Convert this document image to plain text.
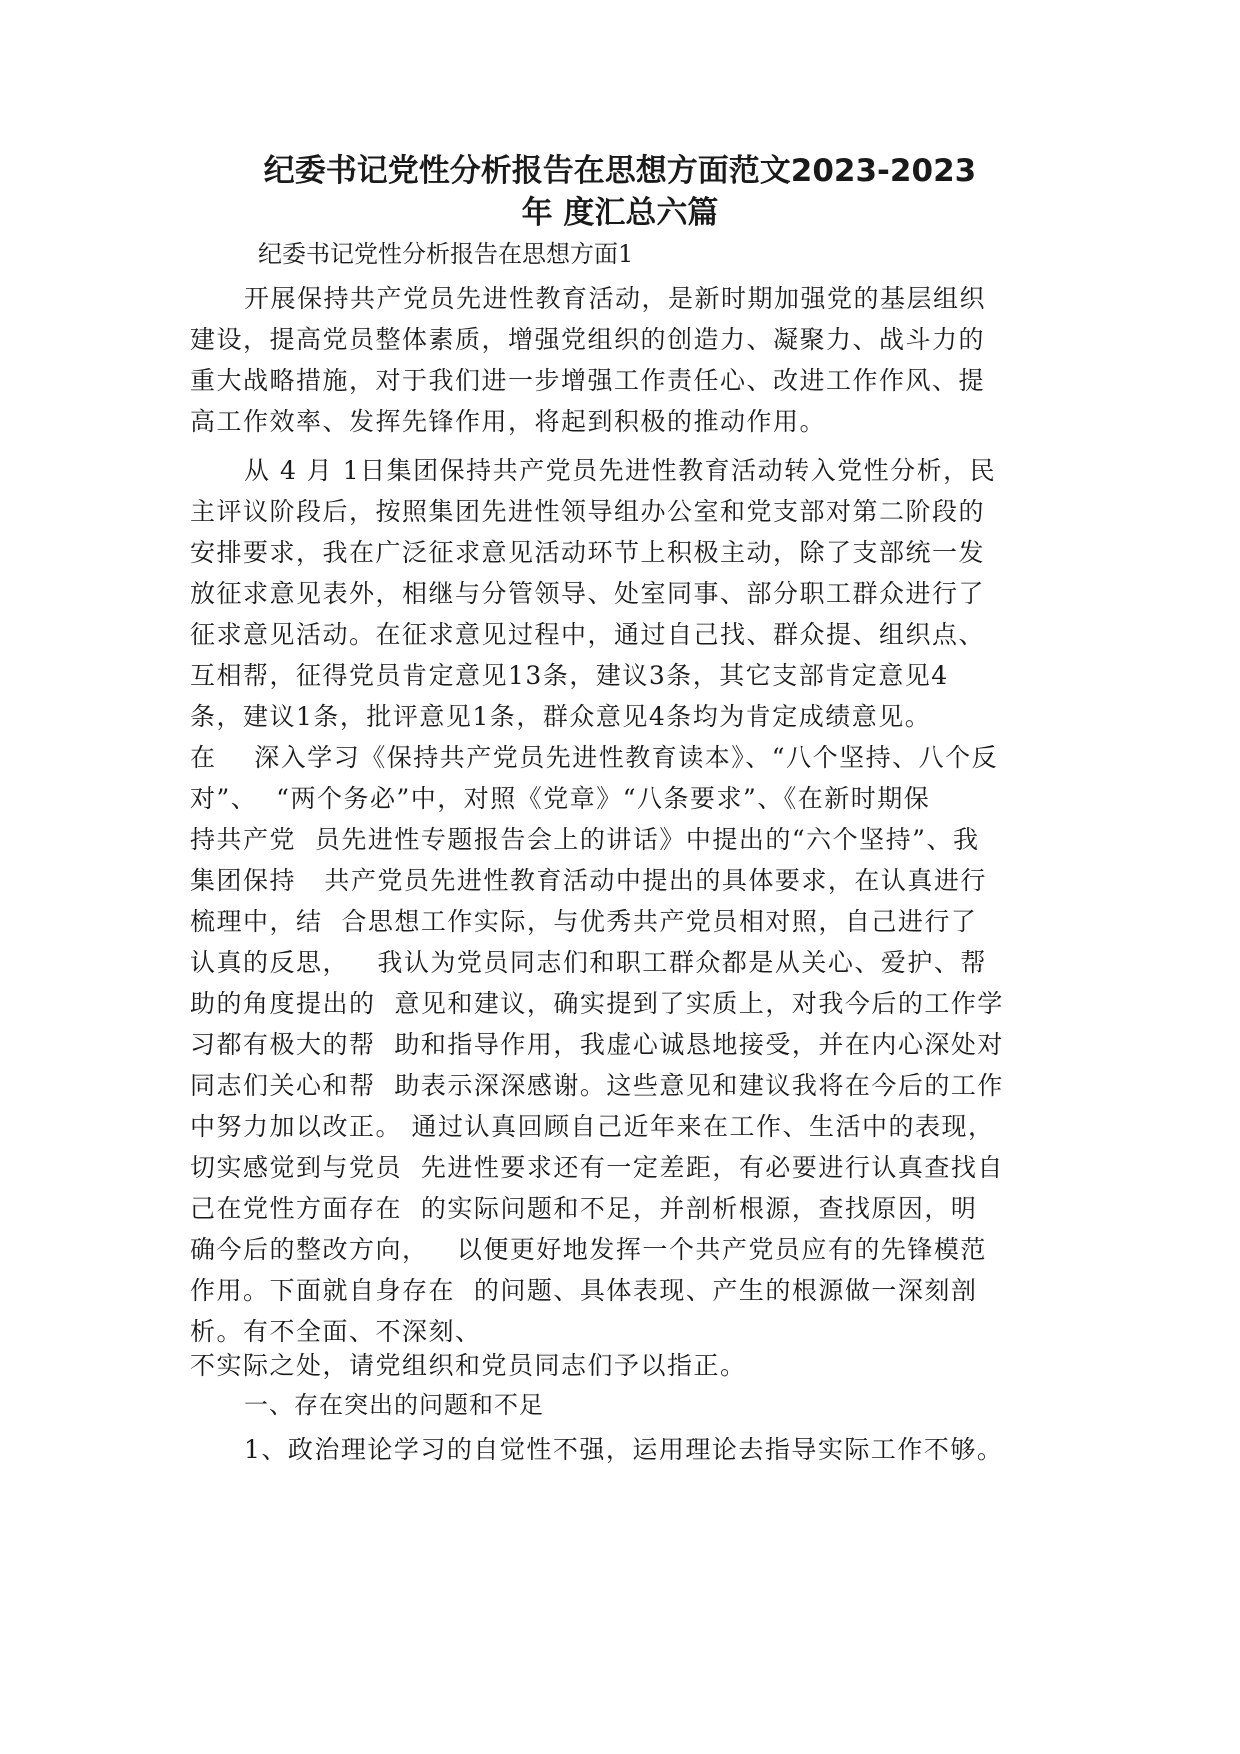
纪委书记党性分析报告在思想方面范文2023-2023
年 度汇总六篇

纪委书记党性分析报告在思想方面1

开展保持共产党员先进性教育活动，是新时期加强党的基层组织
建设，提高党员整体素质，增强党组织的创造力、凝聚力、战斗力的
重大战略措施，对于我们进一步增强工作责任心、改进工作作风、提
高工作效率、发挥先锋作用，将起到积极的推动作用。
从 4 月 1日集团保持共产党员先进性教育活动转入党性分析，民
主评议阶段后，按照集团先进性领导组办公室和党支部对第二阶段的
安排要求，我在广泛征求意见活动环节上积极主动，除了支部统一发
放征求意见表外，相继与分管领导、处室同事、部分职工群众进行了
征求意见活动。在征求意见过程中，通过自己找、群众提、组织点、
互相帮，征得党员肯定意见13条，建议3条，其它支部肯定意见4
条，建议1条，批评意见1条，群众意见4条均为肯定成绩意见。
在    深入学习《保持共产党员先进性教育读本》、“八个坚持、八个反
对”、  “两个务必”中，对照《党章》“八条要求”、《在新时期保
持共产党  员先进性专题报告会上的讲话》中提出的“六个坚持”、我
集团保持   共产党员先进性教育活动中提出的具体要求，在认真进行
梳理中，结  合思想工作实际，与优秀共产党员相对照，自己进行了
认真的反思，   我认为党员同志们和职工群众都是从关心、爱护、帮
助的角度提出的  意见和建议，确实提到了实质上，对我今后的工作学
习都有极大的帮  助和指导作用，我虚心诚恳地接受，并在内心深处对
同志们关心和帮  助表示深深感谢。这些意见和建议我将在今后的工作
中努力加以改正。 通过认真回顾自己近年来在工作、生活中的表现，
切实感觉到与党员  先进性要求还有一定差距，有必要进行认真查找自
己在党性方面存在  的实际问题和不足，并剖析根源，查找原因，明
确今后的整改方向，   以便更好地发挥一个共产党员应有的先锋模范
作用。下面就自身存在  的问题、具体表现、产生的根源做一深刻剖
析。有不全面、不深刻、
不实际之处，请党组织和党员同志们予以指正。

一、存在突出的问题和不足

1、政治理论学习的自觉性不强，运用理论去指导实际工作不够。
